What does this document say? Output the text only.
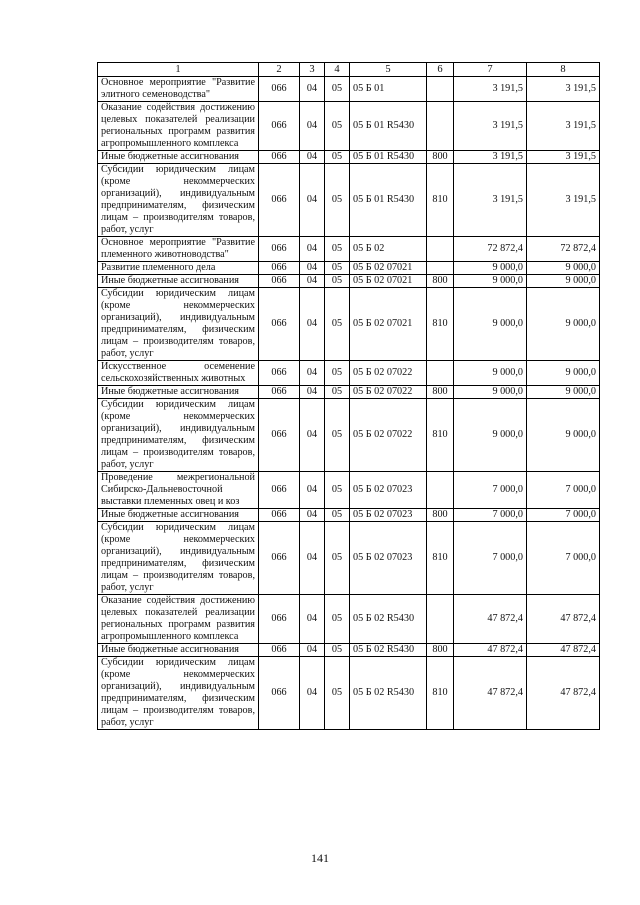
1	2	3	4	5	6	7	8
Основное мероприятие "Развитие элитного семеноводства"	066	04	05	05 Б 01		3 191,5	3 191,5
Оказание содействия достижению целевых показателей реализации региональных программ развития агропромышленного комплекса	066	04	05	05 Б 01 R5430		3 191,5	3 191,5
Иные бюджетные ассигнования	066	04	05	05 Б 01 R5430	800	3 191,5	3 191,5
Субсидии юридическим лицам (кроме некоммерческих организаций), индивидуальным предпринимателям, физическим лицам – производителям товаров, работ, услуг	066	04	05	05 Б 01 R5430	810	3 191,5	3 191,5
Основное мероприятие "Развитие племенного животноводства"	066	04	05	05 Б 02		72 872,4	72 872,4
Развитие племенного дела	066	04	05	05 Б 02 07021		9 000,0	9 000,0
Иные бюджетные ассигнования	066	04	05	05 Б 02 07021	800	9 000,0	9 000,0
Субсидии юридическим лицам (кроме некоммерческих организаций), индивидуальным предпринимателям, физическим лицам – производителям товаров, работ, услуг	066	04	05	05 Б 02 07021	810	9 000,0	9 000,0
Искусственное осеменение сельскохозяйственных животных	066	04	05	05 Б 02 07022		9 000,0	9 000,0
Иные бюджетные ассигнования	066	04	05	05 Б 02 07022	800	9 000,0	9 000,0
Субсидии юридическим лицам (кроме некоммерческих организаций), индивидуальным предпринимателям, физическим лицам – производителям товаров, работ, услуг	066	04	05	05 Б 02 07022	810	9 000,0	9 000,0
Проведение межрегиональной Сибирско-Дальневосточной выставки племенных овец и коз	066	04	05	05 Б 02 07023		7 000,0	7 000,0
Иные бюджетные ассигнования	066	04	05	05 Б 02 07023	800	7 000,0	7 000,0
Субсидии юридическим лицам (кроме некоммерческих организаций), индивидуальным предпринимателям, физическим лицам – производителям товаров, работ, услуг	066	04	05	05 Б 02 07023	810	7 000,0	7 000,0
Оказание содействия достижению целевых показателей реализации региональных программ развития агропромышленного комплекса	066	04	05	05 Б 02 R5430		47 872,4	47 872,4
Иные бюджетные ассигнования	066	04	05	05 Б 02 R5430	800	47 872,4	47 872,4
Субсидии юридическим лицам (кроме некоммерческих организаций), индивидуальным предпринимателям, физическим лицам – производителям товаров, работ, услуг	066	04	05	05 Б 02 R5430	810	47 872,4	47 872,4
141
